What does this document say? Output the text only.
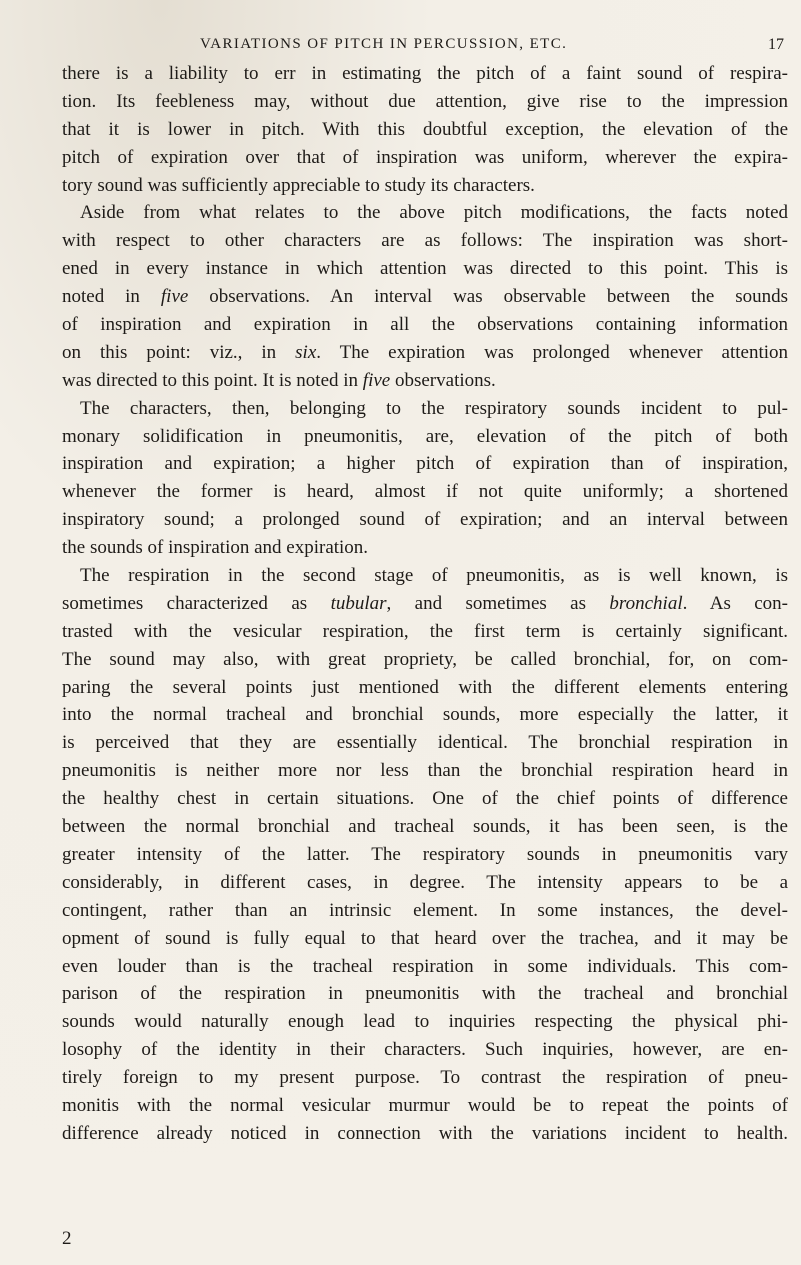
VARIATIONS OF PITCH IN PERCUSSION, ETC.	17
there is a liability to err in estimating the pitch of a faint sound of respira-
tion. Its feebleness may, without due attention, give rise to the impression
that it is lower in pitch. With this doubtful exception, the elevation of the
pitch of expiration over that of inspiration was uniform, wherever the expira-
tory sound was sufficiently appreciable to study its characters.
Aside from what relates to the above pitch modifications, the facts noted
with respect to other characters are as follows: The inspiration was short-
ened in every instance in which attention was directed to this point. This is
noted in five observations. An interval was observable between the sounds
of inspiration and expiration in all the observations containing information
on this point: viz., in six. The expiration was prolonged whenever attention
was directed to this point. It is noted in five observations.
The characters, then, belonging to the respiratory sounds incident to pul-
monary solidification in pneumonitis, are, elevation of the pitch of both
inspiration and expiration; a higher pitch of expiration than of inspiration,
whenever the former is heard, almost if not quite uniformly; a shortened
inspiratory sound; a prolonged sound of expiration; and an interval between
the sounds of inspiration and expiration.
The respiration in the second stage of pneumonitis, as is well known, is
sometimes characterized as tubular, and sometimes as bronchial. As con-
trasted with the vesicular respiration, the first term is certainly significant.
The sound may also, with great propriety, be called bronchial, for, on com-
paring the several points just mentioned with the different elements entering
into the normal tracheal and bronchial sounds, more especially the latter, it
is perceived that they are essentially identical. The bronchial respiration in
pneumonitis is neither more nor less than the bronchial respiration heard in
the healthy chest in certain situations. One of the chief points of difference
between the normal bronchial and tracheal sounds, it has been seen, is the
greater intensity of the latter. The respiratory sounds in pneumonitis vary
considerably, in different cases, in degree. The intensity appears to be a
contingent, rather than an intrinsic element. In some instances, the devel-
opment of sound is fully equal to that heard over the trachea, and it may be
even louder than is the tracheal respiration in some individuals. This com-
parison of the respiration in pneumonitis with the tracheal and bronchial
sounds would naturally enough lead to inquiries respecting the physical phi-
losophy of the identity in their characters. Such inquiries, however, are en-
tirely foreign to my present purpose. To contrast the respiration of pneu-
monitis with the normal vesicular murmur would be to repeat the points of
difference already noticed in connection with the variations incident to health.
2
